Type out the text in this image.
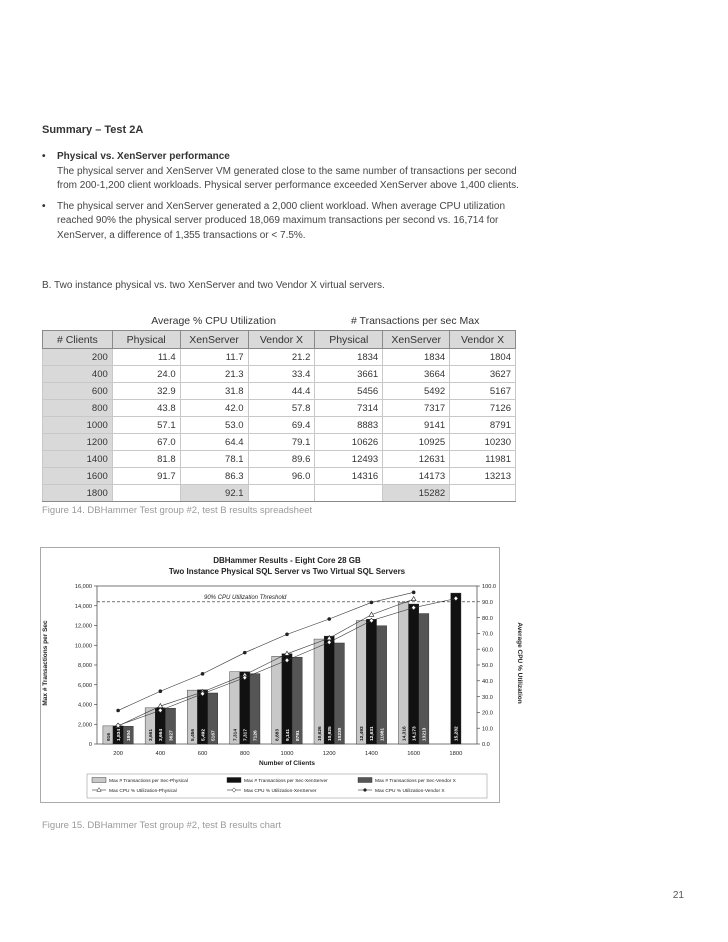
Summary – Test 2A
• Physical vs. XenServer performance
The physical server and XenServer VM generated close to the same number of transactions per second from 200-1,200 client workloads. Physical server performance exceeded XenServer above 1,400 clients.
• The physical server and XenServer generated a 2,000 client workload. When average CPU utilization reached 90% the physical server produced 18,069 maximum transactions per second vs. 16,714 for XenServer, a difference of 1,355 transactions or < 7.5%.
B. Two instance physical vs. two XenServer and two Vendor X virtual servers.
	Average % CPU Utilization			# Transactions per sec Max		
# Clients	Physical	XenServer	Vendor X	Physical	XenServer	Vendor X
200	11.4	11.7	21.2	1834	1834	1804
400	24.0	21.3	33.4	3661	3664	3627
600	32.9	31.8	44.4	5456	5492	5167
800	43.8	42.0	57.8	7314	7317	7126
1000	57.1	53.0	69.4	8883	9141	8791
1200	67.0	64.4	79.1	10626	10925	10230
1400	81.8	78.1	89.6	12493	12631	11981
1600	91.7	86.3	96.0	14316	14173	13213
1800		92.1			15282	
Figure 14. DBHammer Test group #2, test B results spreadsheet
DBHammer Results - Eight Core 28 GB
Two Instance Physical SQL Server vs Two Virtual SQL Servers
0
2,000
4,000
6,000
8,000
10,000
12,000
14,000
16,000
0.0
10.0
20.0
30.0
40.0
50.0
60.0
70.0
80.0
90.0
100.0
200	400	600	800	1000	1200	1400	1600	1800
90% CPU Utilization Threshold
916	3,661	5,456	7,314	8,883	10,626	12,493	14,316
1,834	3,664	5,492	7,317	9,141	10,925	12,631	14,173	15,282
1804	3627	5167	7126	8791	10230	11981	13213
Number of Clients
Max # Transactions per Sec	Average CPU % Utilization
Max # Transactions per Sec-Physical	Max # Transactions per Sec-XenServer	Max # Transactions per Sec-Vendor X
Max CPU % Utilization-Physical	Max CPU % Utilization-XenServer	Max CPU % Utilization-Vendor X
Figure 15. DBHammer Test group #2, test B results chart
21
